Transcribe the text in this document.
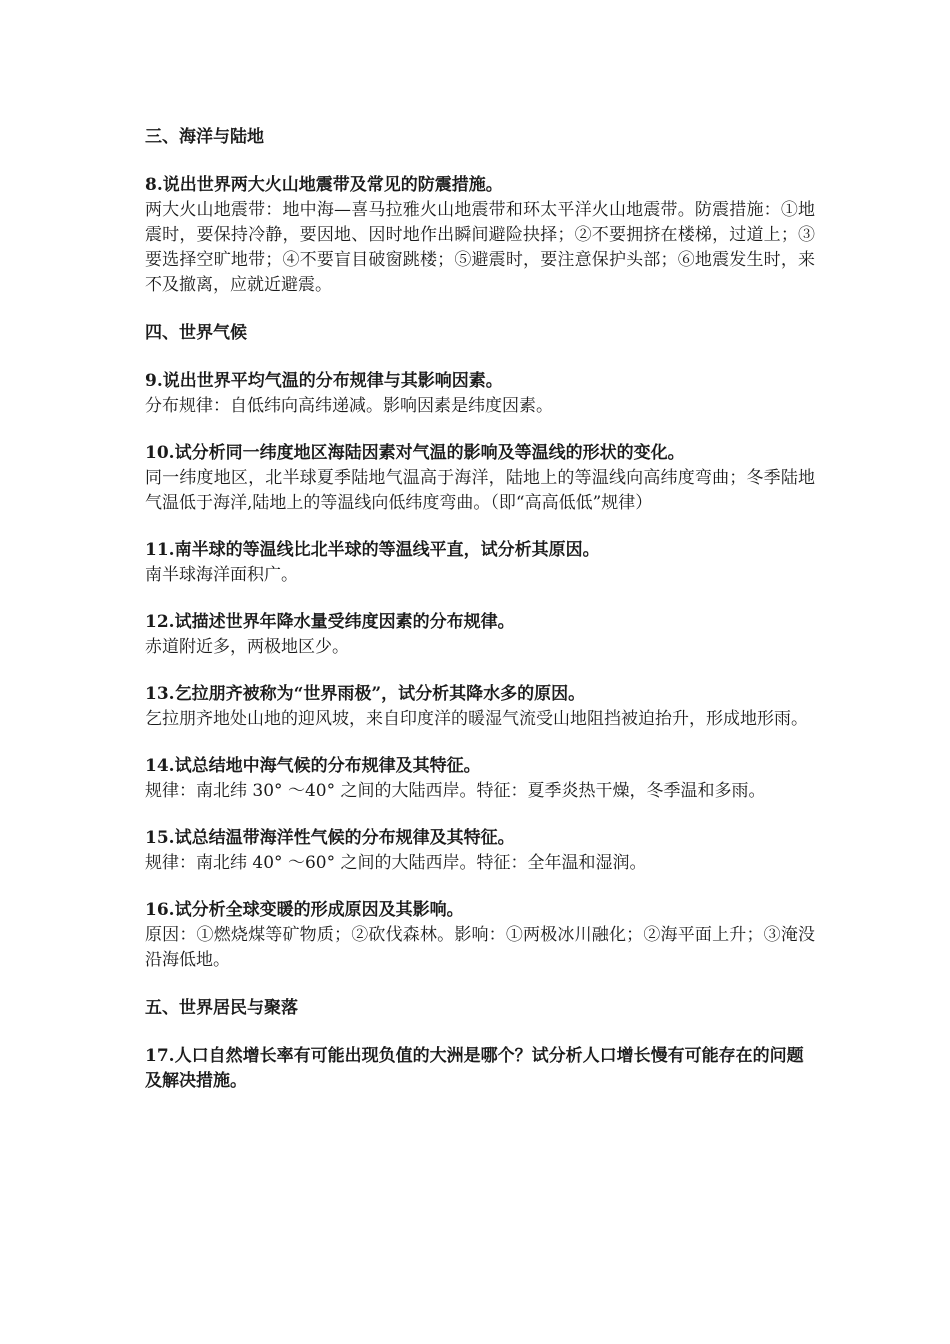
三、海洋与陆地

8.说出世界两大火山地震带及常见的防震措施。

两大火山地震带：地中海—喜马拉雅火山地震带和环太平洋火山地震带。防震措施：①地震时，要保持冷静，要因地、因时地作出瞬间避险抉择；②不要拥挤在楼梯，过道上；③要选择空旷地带；④不要盲目破窗跳楼；⑤避震时，要注意保护头部；⑥地震发生时，来不及撤离，应就近避震。

四、世界气候

9.说出世界平均气温的分布规律与其影响因素。

分布规律：自低纬向高纬递减。影响因素是纬度因素。

10.试分析同一纬度地区海陆因素对气温的影响及等温线的形状的变化。

同一纬度地区，北半球夏季陆地气温高于海洋，陆地上的等温线向高纬度弯曲；冬季陆地气温低于海洋,陆地上的等温线向低纬度弯曲。（即“高高低低”规律）

11.南半球的等温线比北半球的等温线平直，试分析其原因。

南半球海洋面积广。

12.试描述世界年降水量受纬度因素的分布规律。

赤道附近多，两极地区少。

13.乞拉朋齐被称为“世界雨极”，试分析其降水多的原因。

乞拉朋齐地处山地的迎风坡，来自印度洋的暖湿气流受山地阻挡被迫抬升，形成地形雨。

14.试总结地中海气候的分布规律及其特征。

规律：南北纬 30° ～40° 之间的大陆西岸。特征：夏季炎热干燥，冬季温和多雨。

15.试总结温带海洋性气候的分布规律及其特征。

规律：南北纬 40° ～60° 之间的大陆西岸。特征：全年温和湿润。

16.试分析全球变暖的形成原因及其影响。

原因：①燃烧煤等矿物质；②砍伐森林。影响：①两极冰川融化；②海平面上升；③淹没沿海低地。

五、世界居民与聚落

17.人口自然增长率有可能出现负值的大洲是哪个？试分析人口增长慢有可能存在的问题及解决措施。
